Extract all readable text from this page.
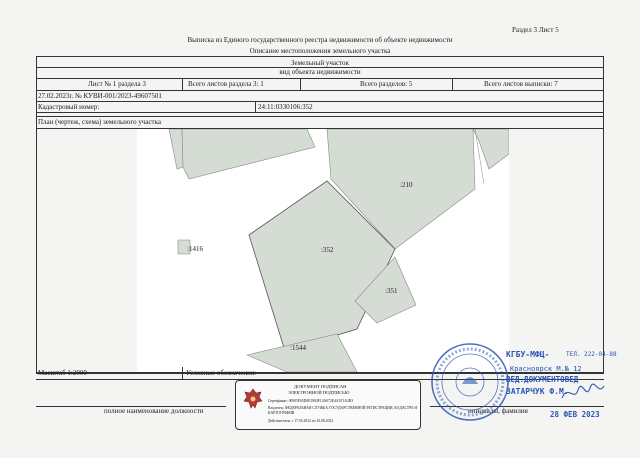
Раздел 3 Лист 5
Выписка из Единого государственного реестра недвижимости об объекте недвижимости
Описание местоположения земельного участка
Земельный участок
вид объекта недвижимости
Лист № 1 раздела 3	Всего листов раздела 3: 1	Всего разделов: 5	Всего листов выписки: 7
27.02.2023г. № КУВИ-001/2023-49607501
Кадастровый номер:	24:11:0330106:352
План (чертеж, схема) земельного участка
:210
:352
:351
:1416
:1544
Масштаб 1:2000	Условные обозначения:
полное наименование должности	инициалы, фамилия
ДОКУМЕНТ ПОДПИСАН
ЭЛЕКТРОННОЙ ПОДПИСЬЮ
Сертификат: 00905F65D0E1884F14A072E4A1F1A2B3
Владелец: ФЕДЕРАЛЬНАЯ СЛУЖБА ГОСУДАРСТВЕННОЙ РЕГИСТРАЦИИ, КАДАСТРА И КАРТОГРАФИИ
Действителен: с 17.05.2022 по 10.08.2023
КГБУ-МФЦ-	ТЕЛ. 222-04-88
Красноярск М.№ 12
ВЕД.ДОКУМЕНТОВЕД
ЗАТАРЧУК Ф.М.
28 ФЕВ 2023
